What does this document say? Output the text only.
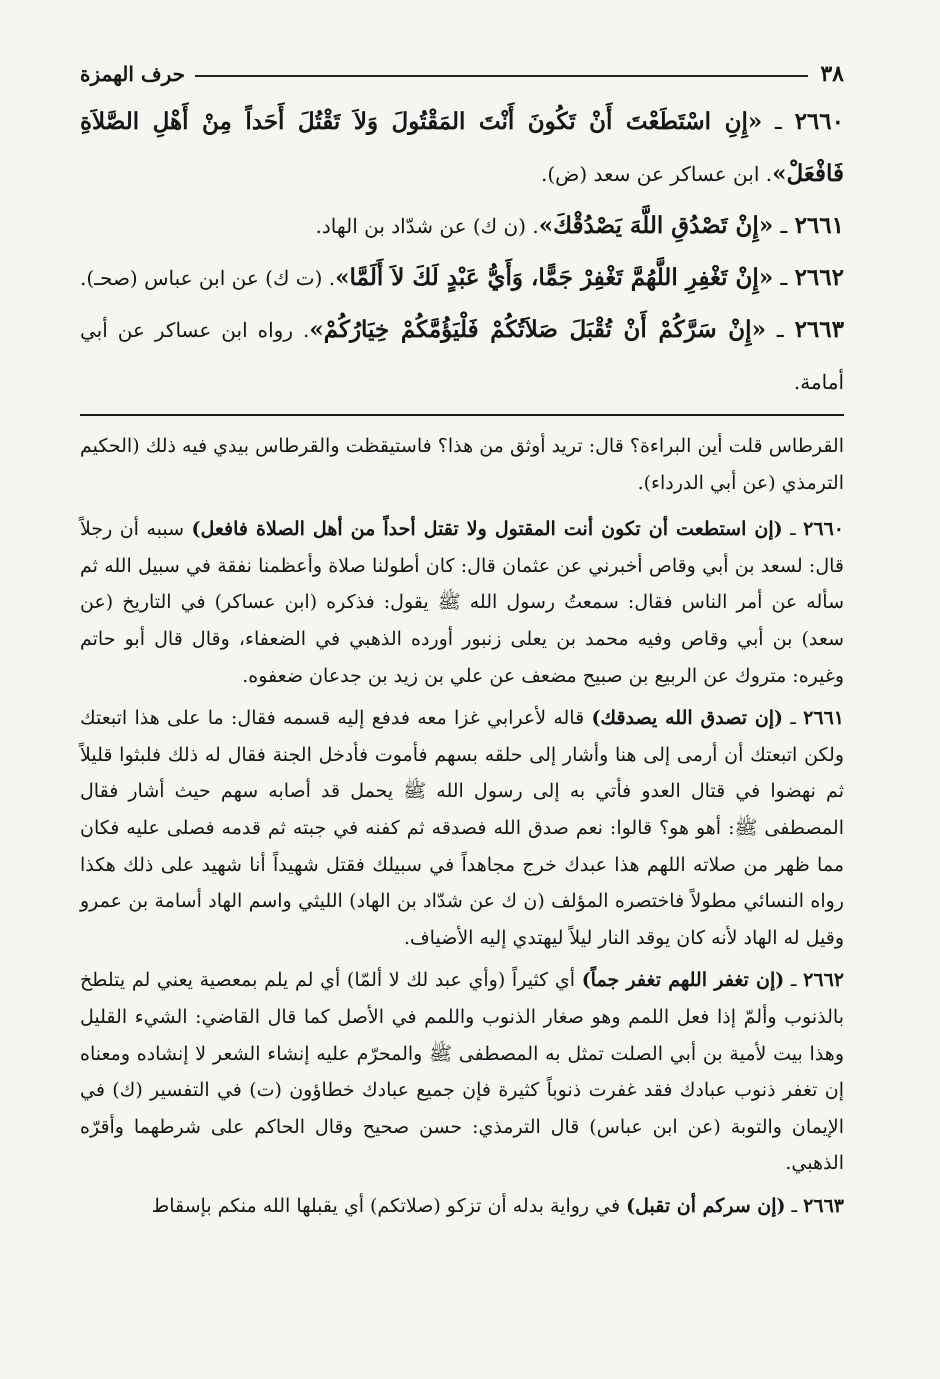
٣٨
حرف الهمزة

٢٦٦٠ ـ «إِنِ اسْتَطَعْتَ أَنْ تَكُونَ أَنْتَ المَقْتُولَ وَلاَ تَقْتُلَ أَحَداً مِنْ أَهْلِ الصَّلاَةِ فَافْعَلْ». ابن عساكر عن سعد (ض).

٢٦٦١ ـ «إِنْ تَصْدُقِ اللَّهَ يَصْدُقْكَ». (ن ك) عن شدّاد بن الهاد.

٢٦٦٢ ـ «إِنْ تَغْفِرِ اللَّهُمَّ تَغْفِرْ جَمًّا، وَأَيُّ عَبْدٍ لَكَ لاَ أَلَمَّا». (ت ك) عن ابن عباس (صحـ).

٢٦٦٣ ـ «إِنْ سَرَّكُمْ أَنْ تُقْبَلَ صَلاَتُكُمْ فَلْيَؤُمَّكُمْ خِيَارُكُمْ». رواه ابن عساكر عن أبي أمامة.

القرطاس قلت أين البراءة؟ قال: تريد أوثق من هذا؟ فاستيقظت والقرطاس بيدي فيه ذلك (الحكيم الترمذي (عن أبي الدرداء).

٢٦٦٠ ـ (إن استطعت أن تكون أنت المقتول ولا تقتل أحداً من أهل الصلاة فافعل) سببه أن رجلاً قال: لسعد بن أبي وقاص أخبرني عن عثمان قال: كان أطولنا صلاة وأعظمنا نفقة في سبيل الله ثم سأله عن أمر الناس فقال: سمعتُ رسول الله ﷺ يقول: فذكره (ابن عساكر) في التاريخ (عن سعد) بن أبي وقاص وفيه محمد بن يعلى زنبور أورده الذهبي في الضعفاء، وقال قال أبو حاتم وغيره: متروك عن الربيع بن صبيح مضعف عن علي بن زيد بن جدعان ضعفوه.

٢٦٦١ ـ (إن تصدق الله يصدقك) قاله لأعرابي غزا معه فدفع إليه قسمه فقال: ما على هذا اتبعتك ولكن اتبعتك أن أرمى إلى هنا وأشار إلى حلقه بسهم فأموت فأدخل الجنة فقال له ذلك فلبثوا قليلاً ثم نهضوا في قتال العدو فأتي به إلى رسول الله ﷺ يحمل قد أصابه سهم حيث أشار فقال المصطفى ﷺ: أهو هو؟ قالوا: نعم صدق الله فصدقه ثم كفنه في جبته ثم قدمه فصلى عليه فكان مما ظهر من صلاته اللهم هذا عبدك خرج مجاهداً في سبيلك فقتل شهيداً أنا شهيد على ذلك هكذا رواه النسائي مطولاً فاختصره المؤلف (ن ك عن شدّاد بن الهاد) الليثي واسم الهاد أسامة بن عمرو وقيل له الهاد لأنه كان يوقد النار ليلاً ليهتدي إليه الأضياف.

٢٦٦٢ ـ (إن تغفر اللهم تغفر جماً) أي كثيراً (وأي عبد لك لا ألمّا) أي لم يلم بمعصية يعني لم يتلطخ بالذنوب وألمّ إذا فعل اللمم وهو صغار الذنوب واللمم في الأصل كما قال القاضي: الشيء القليل وهذا بيت لأمية بن أبي الصلت تمثل به المصطفى ﷺ والمحرّم عليه إنشاء الشعر لا إنشاده ومعناه إن تغفر ذنوب عبادك فقد غفرت ذنوباً كثيرة فإن جميع عبادك خطاؤون (ت) في التفسير (ك) في الإيمان والتوبة (عن ابن عباس) قال الترمذي: حسن صحيح وقال الحاكم على شرطهما وأقرّه الذهبي.

٢٦٦٣ ـ (إن سركم أن تقبل) في رواية بدله أن تزكو (صلاتكم) أي يقبلها الله منكم بإسقاط
